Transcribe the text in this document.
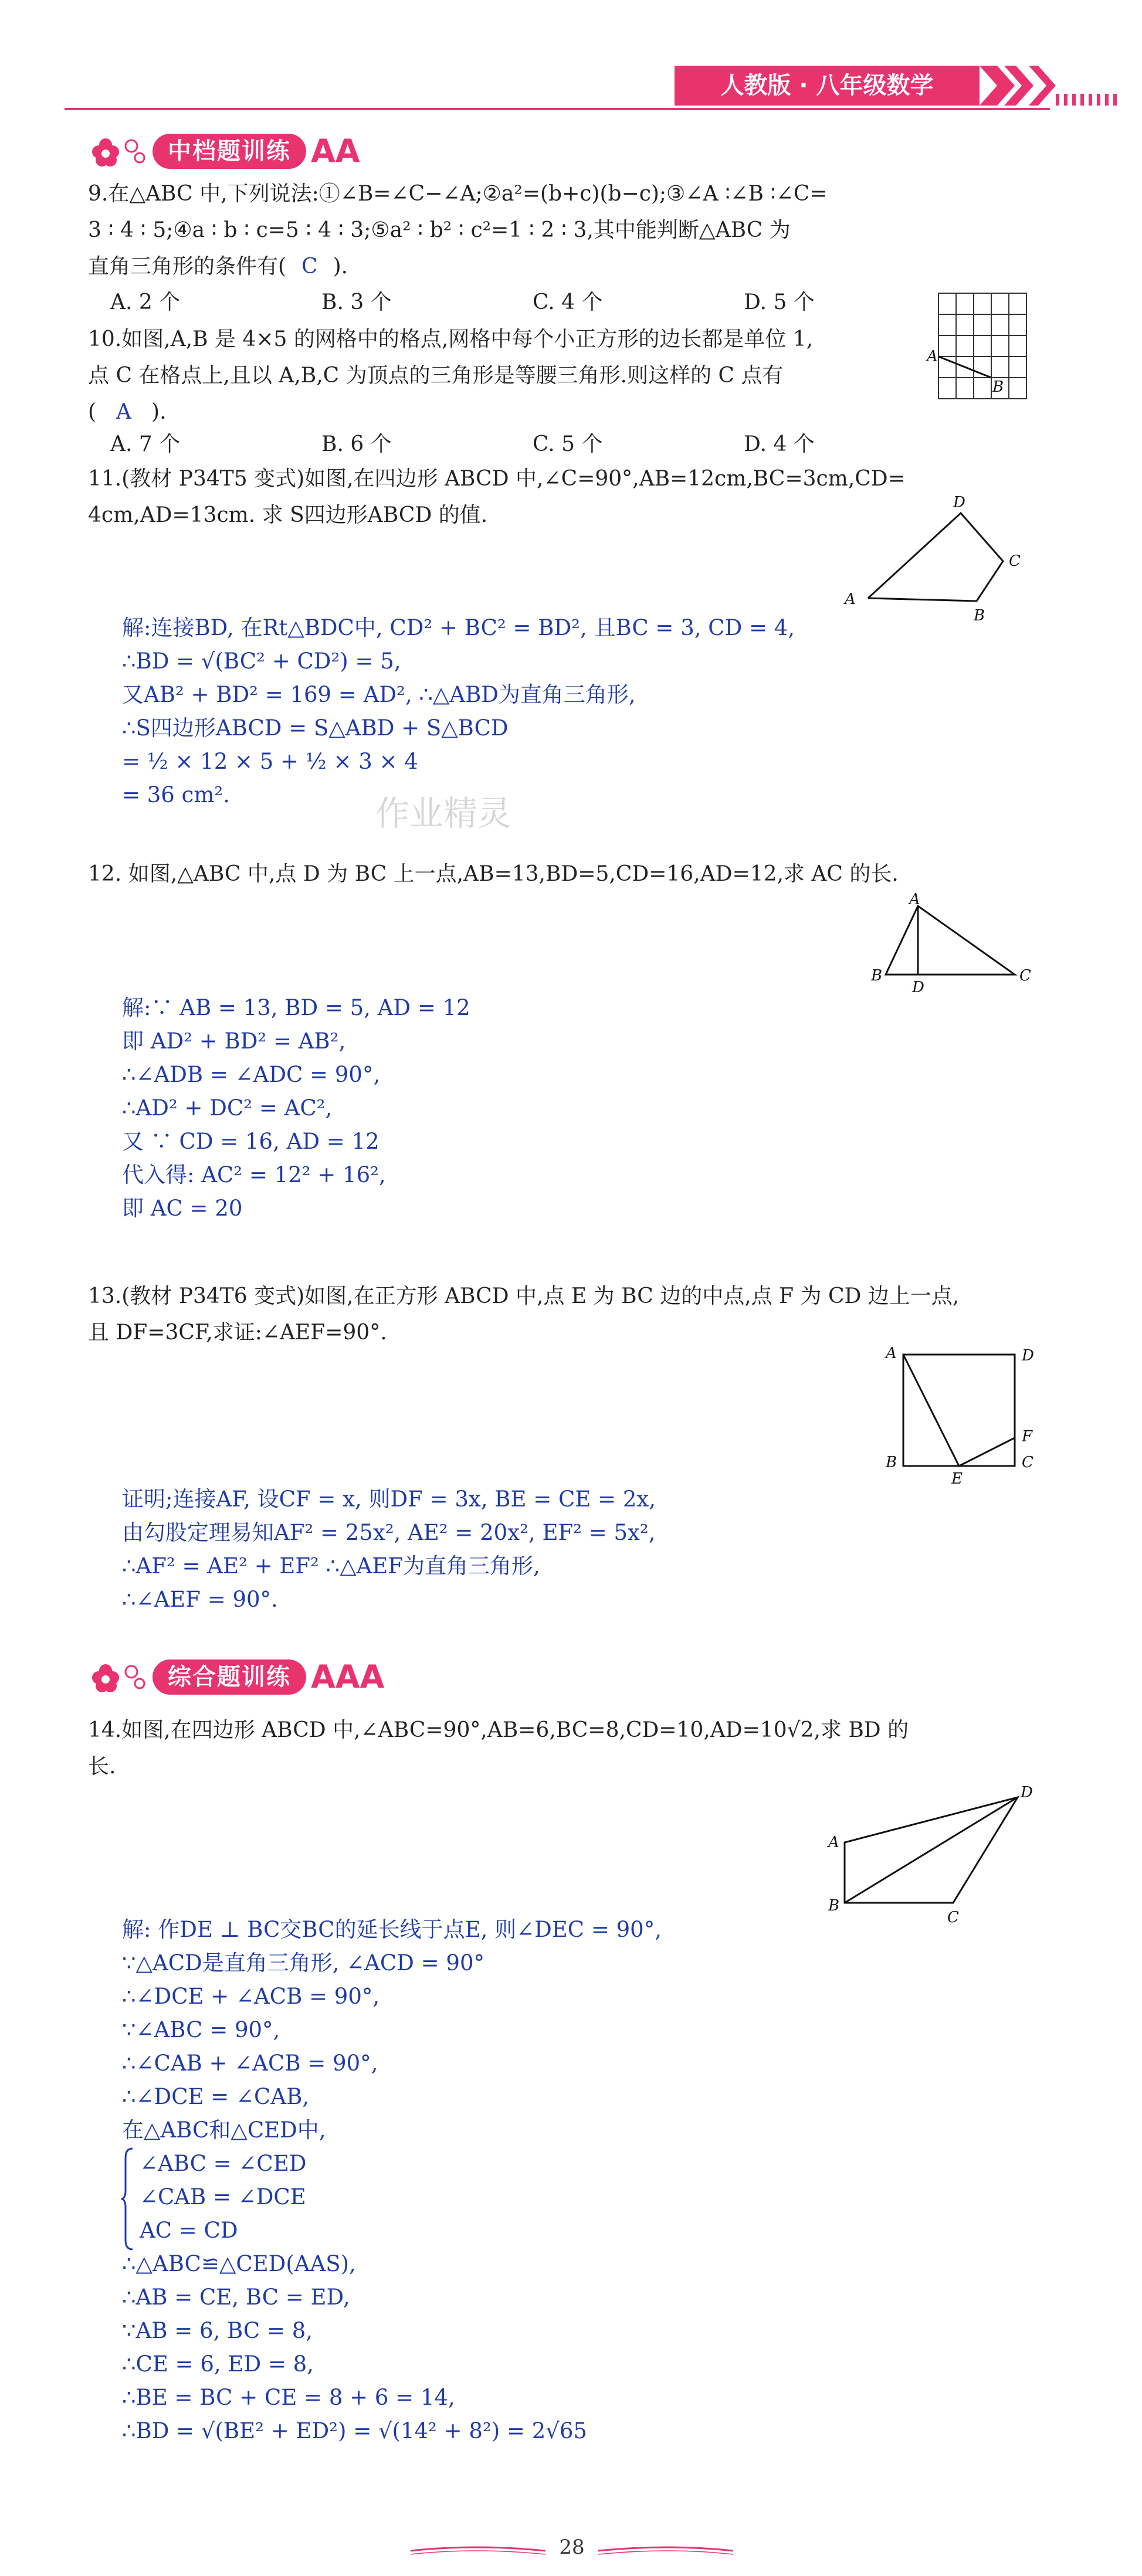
人教版 · 八年级数学
中档题训练 AA
9.在△ABC 中,下列说法:①∠B=∠C−∠A;②a²=(b+c)(b−c);③∠A ∶∠B ∶∠C=
3 ∶ 4 ∶ 5;④a ∶ b ∶ c=5 ∶ 4 ∶ 3;⑤a² ∶ b² ∶ c²=1 ∶ 2 ∶ 3,其中能判断△ABC 为
直角三角形的条件有( C ).
A. 2 个	B. 3 个	C. 4 个	D. 5 个
10.如图,A,B 是 4×5 的网格中的格点,网格中每个小正方形的边长都是单位 1,
点 C 在格点上,且以 A,B,C 为顶点的三角形是等腰三角形.则这样的 C 点有
( A ).
A. 7 个	B. 6 个	C. 5 个	D. 4 个
A
B
11.(教材 P34T5 变式)如图,在四边形 ABCD 中,∠C=90°,AB=12cm,BC=3cm,CD=
4cm,AD=13cm. 求 S四边形ABCD 的值.
A
B
C
D
解:连接BD, 在Rt△BDC中, CD² + BC² = BD², 且BC = 3, CD = 4,
∴BD = √(BC² + CD²) = 5,
又AB² + BD² = 169 = AD², ∴△ABD为直角三角形,
∴S四边形ABCD = S△ABD + S△BCD
= ½ × 12 × 5 + ½ × 3 × 4
= 36 cm².	作业精灵
12. 如图,△ABC 中,点 D 为 BC 上一点,AB=13,BD=5,CD=16,AD=12,求 AC 的长.
A
B
D
C
解:∵ AB = 13, BD = 5, AD = 12
即 AD² + BD² = AB²,
∴∠ADB = ∠ADC = 90°,
∴AD² + DC² = AC²,
又 ∵ CD = 16, AD = 12
代入得: AC² = 12² + 16²,
即 AC = 20
13.(教材 P34T6 变式)如图,在正方形 ABCD 中,点 E 为 BC 边的中点,点 F 为 CD 边上一点,
且 DF=3CF,求证:∠AEF=90°.
A	D
F
B
E
C
证明;连接AF, 设CF = x, 则DF = 3x, BE = CE = 2x,
由勾股定理易知AF² = 25x², AE² = 20x², EF² = 5x²,
∴AF² = AE² + EF² ∴△AEF为直角三角形,
∴∠AEF = 90°.
综合题训练 AAA
14.如图,在四边形 ABCD 中,∠ABC=90°,AB=6,BC=8,CD=10,AD=10√2,求 BD 的
长.
D
A
B
C
解: 作DE ⊥ BC交BC的延长线于点E, 则∠DEC = 90°,
∵△ACD是直角三角形, ∠ACD = 90°
∴∠DCE + ∠ACB = 90°,
∵∠ABC = 90°,
∴∠CAB + ∠ACB = 90°,
∴∠DCE = ∠CAB,
在△ABC和△CED中,
∠ABC = ∠CED
∠CAB = ∠DCE
AC = CD
∴△ABC≌△CED(AAS),
∴AB = CE, BC = ED,
∵AB = 6, BC = 8,
∴CE = 6, ED = 8,
∴BE = BC + CE = 8 + 6 = 14,
∴BD = √(BE² + ED²) = √(14² + 8²) = 2√65
28
